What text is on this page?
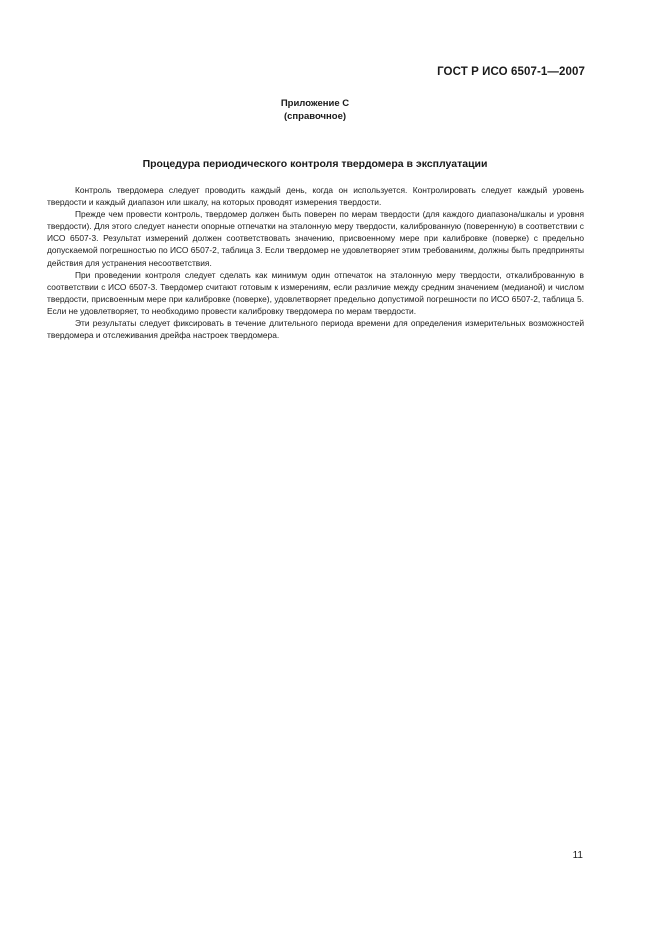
ГОСТ Р ИСО 6507-1—2007
Приложение С
(справочное)
Процедура периодического контроля твердомера в эксплуатации

Контроль твердомера следует проводить каждый день, когда он используется. Контролировать следует каждый уровень твердости и каждый диапазон или шкалу, на которых проводят измерения твердости.

Прежде чем провести контроль, твердомер должен быть поверен по мерам твердости (для каждого диапазона/шкалы и уровня твердости). Для этого следует нанести опорные отпечатки на эталонную меру твердости, калиброванную (поверенную) в соответствии с ИСО 6507-3. Результат измерений должен соответствовать значению, присвоенному мере при калибровке (поверке) с предельно допускаемой погрешностью по ИСО 6507-2, таблица 3. Если твердомер не удовлетворяет этим требованиям, должны быть предприняты действия для устранения несоответствия.

При проведении контроля следует сделать как минимум один отпечаток на эталонную меру твердости, откалиброванную в соответствии с ИСО 6507-3. Твердомер считают готовым к измерениям, если различие между средним значением (медианой) и числом твердости, присвоенным мере при калибровке (поверке), удовлетворяет предельно допустимой погрешности по ИСО 6507-2, таблица 5. Если не удовлетворяет, то необходимо провести калибровку твердомера по мерам твердости.

Эти результаты следует фиксировать в течение длительного периода времени для определения измерительных возможностей твердомера и отслеживания дрейфа настроек твердомера.

11
